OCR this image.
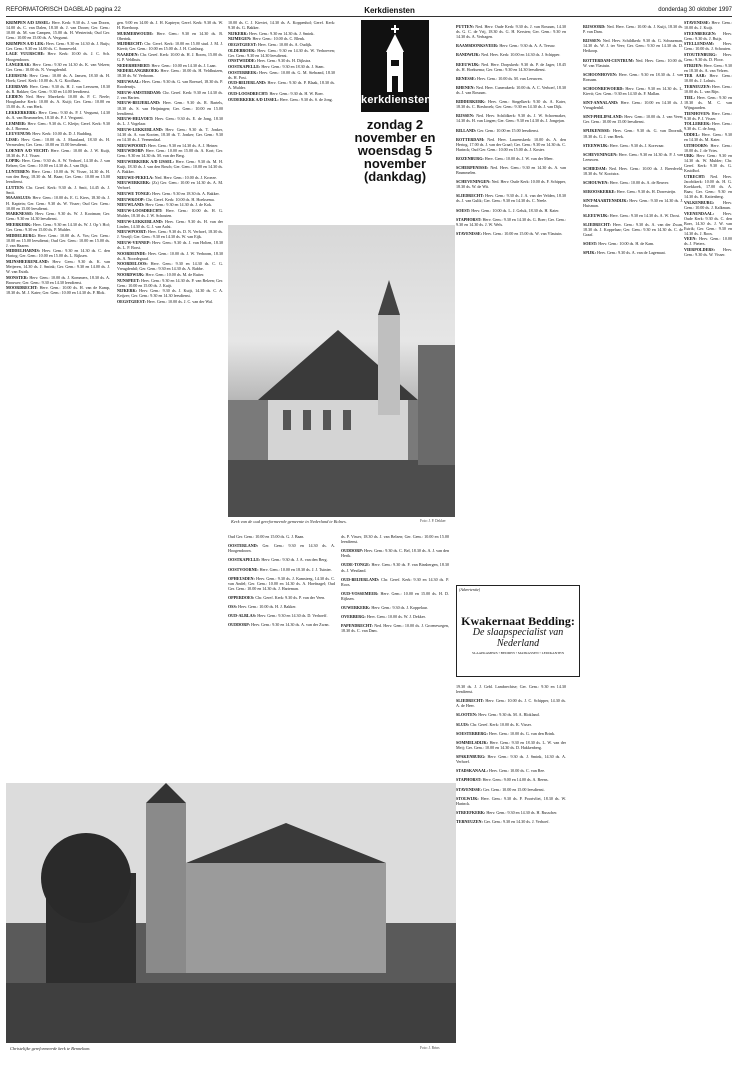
REFORMATORISCH DAGBLAD pagina 22	Kerkdiensten	donderdag 30 oktober 1997

KRIMPEN A/D IJSSEL: Herv. Kerk: 9.30 ds. J. van Doorn, 14.00 ds. C. van Dalen, 18.30 ds. J. van Doorn; Ger. Gem.: 10.00 ds. M. van Campen, 15.00 ds. H. Westerink; Oud Ger. Gem.: 10.00 en 15.00 ds. A. Vergunst.

KRIMPEN A/D LEK: Herv. Gem.: 9.30 en 14.30 ds. J. Buijs; Ger. Gem.: 9.30 en 14.00 ds. C. Sonneveld.

LAGE VUURSCHE: Herv. Kerk: 10.00 ds. J. C. Sch. Hoogendoorn.

LANGERAK: Herv. Gem.: 9.30 en 14.30 ds. K. van Velzen; Ger. Gem.: 10.00 ds. N. Vreugdenhil.

LEERSUM: Herv. Gem.: 10.00 ds. A. Jansen, 18.30 ds. H. Hoek; Geref. Kerk: 10.00 ds. A. G. Koolhaas.

LEERDAM: Herv. Gem.: 9.30 ds. H. J. van Leeuwen, 18.30 ds. R. Bakker; Ger. Gem.: 9.30 en 14.00 leesdienst.

LEIDEN: Ned. Herv. Marekerk: 10.00 ds. P. C. Neele; Hooglandse Kerk: 10.00 ds. A. Kuijt; Ger. Gem.: 10.00 en 15.00 ds. A. van Herk.

LEKKERKERK: Herv. Gem.: 9.30 ds. P. J. Vergunst, 14.30 ds. A. van Brummelen, 18.30 ds. P. J. Vergunst.

LEMMER: Herv. Gem.: 9.30 ds. C. Kleijn; Geref. Kerk: 9.30 ds. J. Boerma.

LEUVENUM: Herv. Kerk: 10.00 ds. D. J. Budding.

LISSE: Herv. Gem.: 10.00 ds. J. Maasland, 18.30 ds. H. Vermeulen; Ger. Gem.: 10.00 en 15.00 leesdienst.

LOENEN A/D VECHT: Herv. Gem.: 10.00 ds. J. W. Kuijt, 18.30 ds. P. J. Visser.

LOPIK: Herv. Gem.: 9.30 ds. A. W. Verhoef, 14.30 ds. J. van Belzen; Ger. Gem.: 10.00 en 14.30 ds. J. van Dijk.

LUNTEREN: Herv. Gem.: 10.00 ds. W. Visser, 14.30 ds. H. van den Berg, 18.30 ds. M. Baan; Ger. Gem.: 10.00 en 15.00 leesdienst.

LUTTEN: Chr. Geref. Kerk: 9.30 ds. J. Smit, 14.45 ds. J. Smit.

MAASSLUIS: Herv. Gem.: 10.00 ds. E. G. Kiers, 18.30 ds. J. H. Kaptein; Ger. Gem.: 9.30 ds. W. Visser; Oud Ger. Gem.: 10.00 en 15.00 leesdienst.

MARKNESSE: Herv. Gem.: 9.30 ds. W. J. Kooiman; Ger. Gem.: 9.30 en 14.30 leesdienst.

MEERKERK: Herv. Gem.: 9.30 en 14.30 ds. W. J. Op 't Hof; Ger. Gem.: 9.30 en 15.00 ds. P. Mulder.

MIDDELBURG: Herv. Gem.: 10.00 ds. A. Vos; Ger. Gem.: 10.00 en 15.00 leesdienst; Oud Ger. Gem.: 10.00 en 15.00 ds. J. van Haaren.

MIDDELHARNIS: Herv. Gem.: 9.30 en 14.30 ds. C. den Hartog; Ger. Gem.: 10.00 en 15.00 ds. L. Rijksen.

MIJNSHEERENLAND: Herv. Gem.: 9.30 ds. K. van Meijeren, 14.30 ds. J. Smink; Ger. Gem.: 9.30 en 14.00 ds. J. W. van Estrik.

MONSTER: Herv. Gem.: 10.00 ds. J. Kommers, 18.30 ds. A. Brouwer; Ger. Gem.: 9.30 en 14.30 leesdienst.

MOORDRECHT: Herv. Gem.: 10.00 ds. H. van de Kamp, 18.30 ds. M. J. Kater; Ger. Gem.: 10.00 en 14.30 ds. P. Blok.

gen. 9.00 en 14.00 ds. J. H. Kapteyn; Geref. Kerk: 9.30 ds. W. H. Boerhoop.

MURMERWOUDE: Herv. Gem.: 9.30 en 14.30 ds. B. Oberink.

MIJDRECHT: Chr. Geref. Kerk: 10.00 en 15.00 stud. J. M. J. Kievit; Ger. Gem.: 10.00 en 15.00 ds. J. H. Catsburg.

NAARDEN: Chr. Geref. Kerk: 10.00 ds. H. J. Room, 15.00 ds. G. P. Veldhuis.

NEDERHEMERT: Herv. Gem.: 10.00 en 14.30 ds. J. Laan.

NEDERLANGBROEK: Herv. Gem.: 10.00 ds. H. Veldhuizen, 18.30 ds. W. Verboom.

NIEUWAAL: Herv. Gem.: 9.30 ds. G. van Roessel, 18.30 ds. P. Roodenrijs.

NIEUW-AMSTERDAM: Chr. Geref. Kerk: 9.30 en 14.30 ds. J. van Harten.

NIEUW-BEIJERLAND: Herv. Gem.: 9.30 ds. R. Bartels, 18.30 ds. S. van Heijningen; Ger. Gem.: 10.00 en 15.00 leesdienst.

NIEUW-HELVOET: Herv. Gem.: 9.30 ds. E. de Jong, 18.30 ds. L. J. Vogelaar.

NIEUW-LEKKERLAND: Herv. Gem.: 9.30 ds. T. Jonker, 14.30 ds. A. van Kooten, 18.30 ds. T. Jonker; Ger. Gem.: 9.30 en 14.30 ds. J. Veenendaal.

NIEUWPOORT: Herv. Gem.: 9.30 en 14.30 ds. A. J. Heiner.

NIEUWDORP: Herv. Gem.: 10.00 en 15.00 ds. A. Kort; Ger. Gem.: 9.30 en 14.30 ds. M. van der Berg.

NIEUWERKERK A/D IJSSEL: Herv. Gem.: 9.30 ds. M. H. Kuijt, 18.30 ds. J. van den Bosch; Ger. Gem.: 10.00 en 14.30 ds. A. Bakker.

NIEUWE-PEKELA: Ned. Herv. Gem.: 10.00 ds. J. Kroeze.

NIEUWERKERK: (Zs) Ger. Gem.: 10.00 en 14.30 ds. A. M. Verhoef.

NIEUWE TONGE: Herv. Gem.: 9.30 en 18.30 ds. A. Bakker.

NIEUWKOOP: Chr. Geref. Kerk: 10.00 ds. H. Hoeksema.

NIEUWLAND: Herv. Gem.: 9.30 en 14.30 ds. J. de Kok.

NIEUW-LOOSDRECHT: Herv. Gem.: 10.00 ds. H. G. Mulder, 18.30 ds. J. W. Schouten.

NIEUW-LEKKERLAND: Herv. Gem.: 9.30 ds. H. van der Linden, 14.30 ds. G. J. van Aalst.

NIEUWPOORT: Herv. Gem.: 9.30 ds. D. N. Verhoef, 18.30 ds. J. Verzijl; Ger. Gem.: 9.30 en 14.30 ds. W. van Eijk.

NIEUW-VENNEP: Herv. Gem.: 9.30 ds. J. van Holten, 18.30 ds. L. P. Borst.

NOORDEINDE: Herv. Gem.: 10.00 ds. J. W. Verboom, 18.30 ds. A. Noordegraaf.

NOORDELOOS: Herv. Gem.: 9.30 en 14.30 ds. C. G. Vreugdenhil; Ger. Gem.: 9.30 en 14.30 ds. A. Rabbe.

NOORDWIJK: Herv. Gem.: 10.00 ds. M. de Ruiter.

NUNSPEET: Herv. Gem.: 9.30 en 14.30 ds. P. van Belzen; Ger. Gem.: 10.00 en 15.00 ds. J. Kuijt.

NIJKERK: Herv. Gem.: 9.30 ds. J. Kuijt, 14.30 ds. C. A. Keijzer; Ger. Gem.: 9.30 en 14.30 leesdienst.

OEGSTGEEST: Herv. Gem.: 10.00 ds. J. C. van der Wal.

10.00 ds. C. J. Kieviet, 14.30 ds. A. Koppenhol; Geref. Kerk: 9.30 ds. G. Bakker.

NIJKERK: Herv. Gem.: 9.30 en 14.30 ds. J. Smink.

NIJMEGEN: Herv. Gem.: 10.00 ds. C. Blenk.

OEGSTGEEST: Herv. Gem.: 10.00 ds. A. Oudijk.

OLDEBROEK: Herv. Gem.: 9.30 en 14.30 ds. W. Verhoeven; Ger. Gem.: 9.30 en 14.30 leesdienst.

ONSTWEDDE: Herv. Gem.: 9.30 ds. H. Dijkstra.

OOSTKAPELLE: Herv. Gem.: 9.30 en 18.30 ds. J. Stam.

OOSTERBEEK: Herv. Gem.: 10.00 ds. G. M. Siebrand, 18.30 ds. H. Post.

OUD-BEIJERLAND: Herv. Gem.: 9.30 ds. P. Blaak, 18.30 ds. A. Mulder.

OUD-LOOSDRECHT: Herv. Gem.: 9.30 ds. H. W. Boer.

OUDERKERK A/D IJSSEL: Herv. Gem.: 9.30 ds. S. de Jong.	kerkdiensten
zondag 2 november en woensdag 5 november (dankdag)
Kerk van de oud gereformeerde gemeente in Nederland te Bolnes.	Foto: J. P. Dekker

Oud Ger. Gem.: 10.00 en 15.00 ds. G. J. Baan.

OOSTERLAND: Ger. Gem.: 9.30 en 14.30 ds. A. Hoogendoorn.

OOSTKAPELLE: Herv. Gem.: 9.30 ds. J. A. van den Berg.

OOSTVOORNE: Herv. Gem.: 10.00 en 18.30 ds. J. J. Tuinier.

OPHEUSDEN: Herv. Gem.: 9.30 ds. J. Kamsteeg, 14.30 ds. C. van Andel; Ger. Gem.: 10.00 en 14.30 ds. A. Hoefnagel; Oud Ger. Gem.: 10.00 en 14.30 ds. J. Harteman.

OPPERDOES: Chr. Geref. Kerk: 9.30 ds. P. van der Veen.

OSS: Herv. Gem.: 10.00 ds. H. J. Bakker.

OUD-ALBLAS: Herv. Gem.: 9.30 en 14.30 ds. D. Verhoeff.

OUDDORP: Herv. Gem.: 9.30 en 14.30 ds. A. van der Zwan.

ds. P. Visser, 18.30 ds. J. van Belzen; Ger. Gem.: 10.00 en 15.00 leesdienst.

OUDDORP: Herv. Gem.: 9.30 ds. C. Bel, 18.30 ds. A. J. van den Herik.

OUDE-TONGE: Herv. Gem.: 9.30 ds. F. van Binsbergen, 18.30 ds. J. Westland.

OUD-BEIJERLAND: Chr. Geref. Kerk: 9.30 en 14.30 ds. P. Roos.

OUD-VOSSEMEER: Herv. Gem.: 10.00 en 15.00 ds. H. D. Rijksen.

OUWERKERK: Herv. Gem.: 9.30 ds. J. Koppelaar.

OVERBERG: Herv. Gem.: 10.00 ds. W. J. Dekker.

PAPENDRECHT: Ned. Herv. Gem.: 10.00 ds. J. Groenewegen, 18.30 ds. C. van Dam.

PUTTEN: Ned. Herv. Oude Kerk: 9.30 ds. J. van Rossum, 14.30 ds. G. C. de Vrij, 18.30 ds. G. H. Kersten; Ger. Gem.: 9.30 en 14.30 ds. A. Verhagen.

RAAMSDONKSVEER: Herv. Gem.: 9.30 ds. A. A. Teeuw.

RANDWIJK: Ned. Herv. Kerk: 10.00 en 14.30 ds. J. Schipper.

REEUWIJK: Ned. Herv. Dorpskerk: 9.30 ds. P. de Jager, 18.45 ds. H. Hoeksema; Ger. Gem.: 9.30 en 14.30 leesdienst.

RENESSE: Herv. Gem.: 10.00 ds. M. van Leeuwen.

RHENEN: Ned. Herv. Cunerakerk: 10.00 ds. A. C. Verhoef, 18.30 ds. J. van Rossum.

RIDDERKERK: Herv. Gem.: Singelkerk: 9.30 ds. A. Kater, 18.30 ds. C. Biesbroek; Ger. Gem.: 9.30 en 14.30 ds. J. van Dijk.

RIJSSEN: Ned. Herv. Schildkerk: 9.30 ds. J. W. Schoemaker, 14.30 ds. H. van Lingen; Ger. Gem.: 9.30 en 14.30 ds. J. Jongejan.

RILLAND: Ger. Gem.: 10.00 en 15.00 leesdienst.

ROTTERDAM: Ned. Herv. Laurenskerk: 10.00 ds. A. den Hertog, 17.00 ds. J. van der Graaf; Ger. Gem.: 9.30 en 14.30 ds. C. Harinck; Oud Ger. Gem.: 10.00 en 15.00 ds. J. Koster.

ROZENBURG: Herv. Gem.: 10.00 ds. J. W. van der Meer.

SCHERPENISSE: Ned. Herv. Gem.: 9.30 en 14.30 ds. A. van Brummelen.

SCHEVENINGEN: Ned. Herv. Oude Kerk: 10.00 ds. F. Schipper, 18.30 ds. W. de Wit.

SLIEDRECHT: Herv. Gem.: 9.30 ds. J. A. van der Velden, 18.30 ds. J. van Gulik; Ger. Gem.: 9.30 en 14.30 ds. C. Neele.

SOEST: Herv. Gem.: 10.00 ds. L. J. Geluk, 18.30 ds. H. Kater.

STAPHORST: Herv. Gem.: 9.30 en 14.30 ds. G. Boer; Ger. Gem.: 9.30 en 14.30 ds. J. W. Wels.

STAVENISSE: Herv. Gem.: 10.00 en 15.00 ds. W. van Vlastuin.

(Advertentie)
Kwakernaat Bedding:
De slaapspecialist van Nederland
SLAAPKAMERS • BEDDEN • MATRASSEN • LEDIKANTEN

19.30 ds. J. J. Gebl. Lambrechtse; Ger. Gem.: 9.30 en 14.30 leesdienst.

SLIEDRECHT: Herv. Gem.: 10.00 ds. J. C. Schipper, 14.30 ds. A. de Heer.

SLOOTEN: Herv. Gem.: 9.30 ds. M. A. Blokland.

SLUIS: Chr. Geref. Kerk: 10.00 ds. K. Visser.

SOESTERBERG: Herv. Gem.: 10.00 ds. G. van den Brink.

SOMMELSDIJK: Herv. Gem.: 9.30 en 18.30 ds. L. W. van der Meij; Ger. Gem.: 10.00 en 14.30 ds. D. Hakkenberg.

SPAKENBURG: Herv. Gem.: 9.30 ds. J. Smink, 14.30 ds. A. Verhoef.

STADSKANAAL: Herv. Gem.: 10.00 ds. C. van Ree.

STAPHORST: Herv. Gem.: 9.00 en 14.00 ds. A. Beens.

STAVENISSE: Ger. Gem.: 10.00 en 15.00 leesdienst.

STOLWIJK: Herv. Gem.: 9.30 ds. P. Poortvliet, 18.30 ds. W. Harinck.

STREEFKERK: Herv. Gem.: 9.30 en 14.30 ds. H. Russcher.

TERNEUZEN: Ger. Gem.: 9.30 en 14.30 ds. J. Verhoef.

RIJSOORD: Ned. Herv. Gem.: 10.00 ds. J. Kuijt, 18.30 ds. P. van Dam.

RIJSSEN: Ned. Herv. Schildkerk: 9.30 ds. G. Schuurman, 14.30 ds. W. J. ter Veer; Ger. Gem.: 9.30 en 14.30 ds. D. Heikoop.

ROTTERDAM-CENTRUM: Ned. Herv. Gem.: 10.00 ds. W. van Vlastuin.

SCHOONHOVEN: Herv. Gem.: 9.30 en 18.30 ds. J. van Rossum.

SCHOONREWOERD: Herv. Gem.: 9.30 en 14.30 ds. L. Kievit; Ger. Gem.: 9.30 en 14.30 ds. F. Mallan.

SINT-ANNALAND: Herv. Gem.: 10.00 en 14.30 ds. J. Vreugdenhil.

SINT-PHILIPSLAND: Herv. Gem.: 10.00 ds. J. van Veen; Ger. Gem.: 10.00 en 15.00 leesdienst.

SPIJKENISSE: Herv. Gem.: 9.30 ds. G. van Doornik, 18.30 ds. G. J. van Beek.

STEENWIJK: Herv. Gem.: 9.30 ds. J. Korevaar.

SCHEVENINGEN: Herv. Gem.: 9.30 en 14.30 ds. P. J. van Leeuwen.

SCHIEDAM: Ned. Herv. Gem.: 10.00 ds. J. Breedveld, 18.30 ds. W. Kooistra.

SCHOUWEN: Herv. Gem.: 10.00 ds. A. de Reuver.

SEROOSKERKE: Herv. Gem.: 9.30 ds. H. Dorresteijn.

SINT-MAARTENSDIJK: Herv. Gem.: 9.30 en 14.30 ds. J. Huisman.

SLEEUWIJK: Herv. Gem.: 9.30 en 14.30 ds. A. W. Drost.

SLIEDRECHT: Herv. Gem.: 9.30 ds. A. van der Zwan, 18.30 ds. J. Koppelaar; Ger. Gem.: 9.30 en 14.30 ds. C. de Graaf.

SOEST: Herv. Gem.: 10.00 ds. H. de Kam.

SPIJK: Herv. Gem.: 9.30 ds. A. van de Lagemaat.

STAVENISSE: Herv. Gem.: 10.00 ds. J. Kuijt.

STEENBERGEN: Herv. Gem.: 9.30 ds. J. Buijs.

STELLENDAM: Herv. Gem.: 10.00 ds. J. Schouten.

STOUTENBURG: Herv. Gem.: 9.30 ds. D. Floor.

STRIJEN: Herv. Gem.: 9.30 en 18.30 ds. A. van Velzen.

TER AAR: Herv. Gem.: 10.00 ds. J. Lohuis.

TERNEUZEN: Herv. Gem.: 10.00 ds. L. van Rijn.

TIEL: Herv. Gem.: 9.30 en 18.30 ds. M. C. van Wijngaarden.

TIENHOVEN: Herv. Gem.: 9.30 ds. P. J. Visser.

TOLLEBEEK: Herv. Gem.: 9.30 ds. C. de Jong.

UDDEL: Herv. Gem.: 9.30 en 14.30 ds. M. Kater.

UITHOORN: Herv. Gem.: 10.00 ds. J. de Vries.

URK: Herv. Gem.: 9.30 en 14.30 ds. W. Mulder; Chr. Geref. Kerk: 9.30 ds. G. Kruidhof.

UTRECHT: Ned. Herv. Jacobikerk: 10.00 ds. H. G. Koekkoek, 17.00 ds. A. Baas; Ger. Gem.: 9.30 en 14.30 ds. R. Kattenberg.

VALKENBURG: Herv. Gem.: 10.00 ds. J. Kalkman.

VEENENDAAL: Herv. Oude Kerk: 9.30 ds. C. den Boer, 14.30 ds. J. W. van Estrik; Ger. Gem.: 9.30 en 14.30 ds. J. Roos.

VEEN: Herv. Gem.: 10.00 ds. J. Pieters.

VIERPOLDERS: Herv. Gem.: 9.30 ds. W. Visser.

Christelijke gereformeerde kerk te Bennekom.	Foto: J. Brins
